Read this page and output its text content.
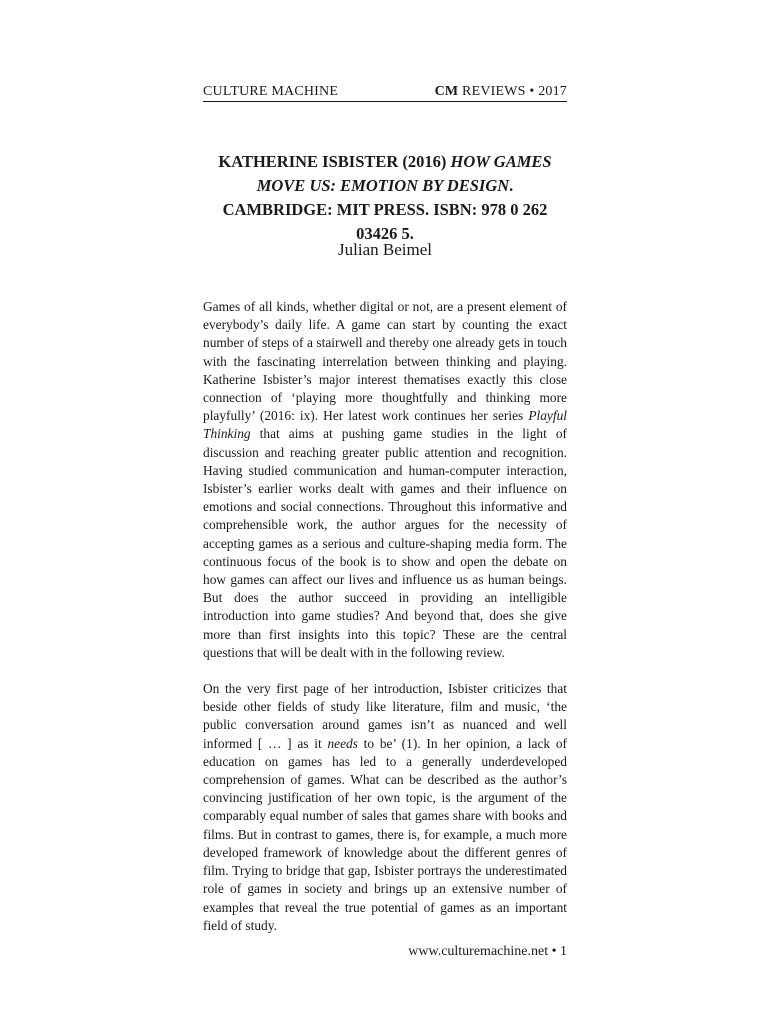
CULTURE MACHINE	CM REVIEWS • 2017
KATHERINE ISBISTER (2016) HOW GAMES MOVE US: EMOTION BY DESIGN. CAMBRIDGE: MIT PRESS. ISBN: 978 0 262 03426 5.
Julian Beimel

Games of all kinds, whether digital or not, are a present element of everybody’s daily life. A game can start by counting the exact number of steps of a stairwell and thereby one already gets in touch with the fascinating interrelation between thinking and playing. Katherine Isbister’s major interest thematises exactly this close connection of ‘playing more thoughtfully and thinking more playfully’ (2016: ix). Her latest work continues her series Playful Thinking that aims at pushing game studies in the light of discussion and reaching greater public attention and recognition. Having studied communication and human-computer interaction, Isbister’s earlier works dealt with games and their influence on emotions and social connections. Throughout this informative and comprehensible work, the author argues for the necessity of accepting games as a serious and culture-shaping media form. The continuous focus of the book is to show and open the debate on how games can affect our lives and influence us as human beings. But does the author succeed in providing an intelligible introduction into game studies? And beyond that, does she give more than first insights into this topic? These are the central questions that will be dealt with in the following review.

On the very first page of her introduction, Isbister criticizes that beside other fields of study like literature, film and music, ‘the public conversation around games isn’t as nuanced and well informed [ … ] as it needs to be’ (1). In her opinion, a lack of education on games has led to a generally underdeveloped comprehension of games. What can be described as the author’s convincing justification of her own topic, is the argument of the comparably equal number of sales that games share with books and films. But in contrast to games, there is, for example, a much more developed framework of knowledge about the different genres of film. Trying to bridge that gap, Isbister portrays the underestimated role of games in society and brings up an extensive number of examples that reveal the true potential of games as an important field of study.

www.culturemachine.net • 1
